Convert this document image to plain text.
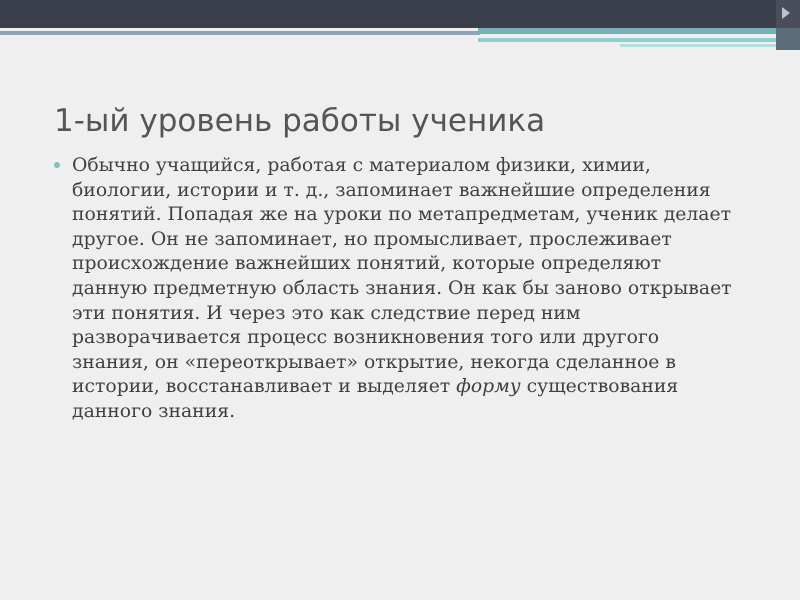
1-ый уровень работы ученика

Обычно учащийся, работая с материалом физики, химии, биологии, истории и т. д., запоминает важнейшие определения понятий. Попадая же на уроки по метапредметам, ученик делает другое. Он не запоминает, но промысливает, прослеживает происхождение важнейших понятий, которые определяют данную предметную область знания. Он как бы заново открывает эти понятия. И через это как следствие перед ним разворачивается процесс возникновения того или другого знания, он «переоткрывает» открытие, некогда сделанное в истории, восстанавливает и выделяет форму существования данного знания.
